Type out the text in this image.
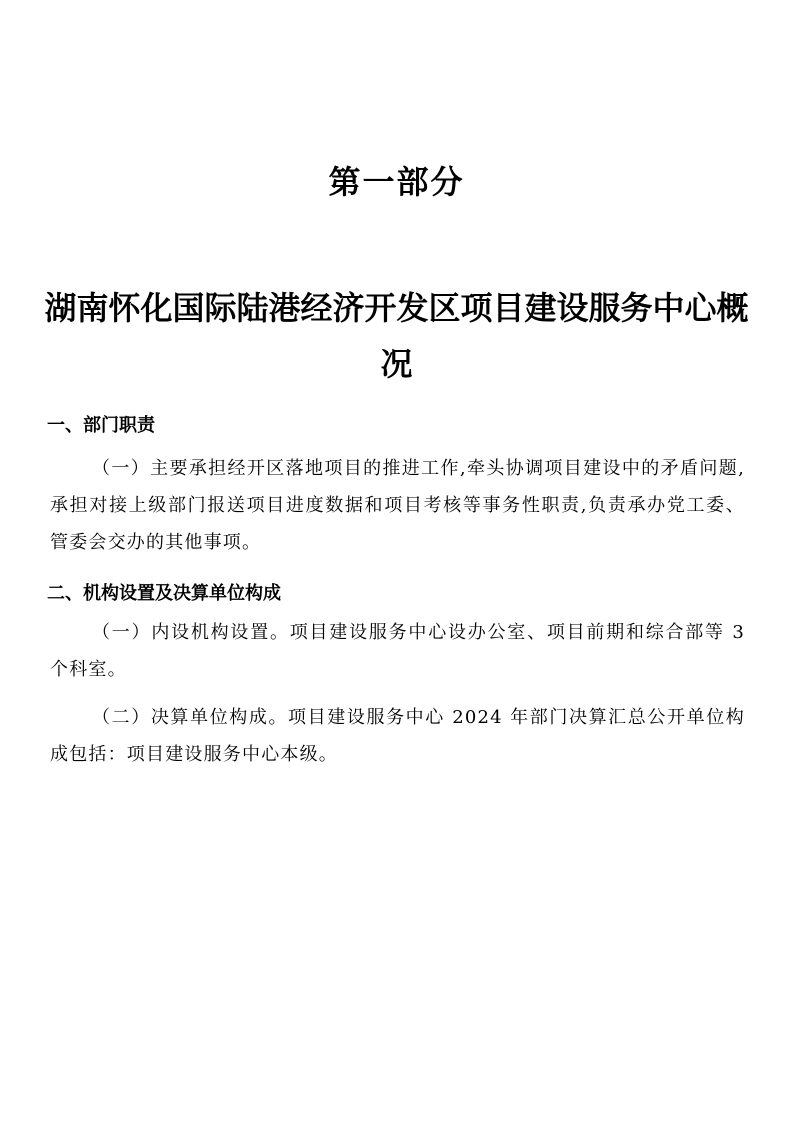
第一部分
湖南怀化国际陆港经济开发区项目建设服务中心概况
一、部门职责

（一）主要承担经开区落地项目的推进工作,牵头协调项目建设中的矛盾问题,承担对接上级部门报送项目进度数据和项目考核等事务性职责,负责承办党工委、管委会交办的其他事项。

二、机构设置及决算单位构成

（一）内设机构设置。项目建设服务中心设办公室、项目前期和综合部等 3 个科室。

（二）决算单位构成。项目建设服务中心 2024 年部门决算汇总公开单位构成包括：项目建设服务中心本级。
